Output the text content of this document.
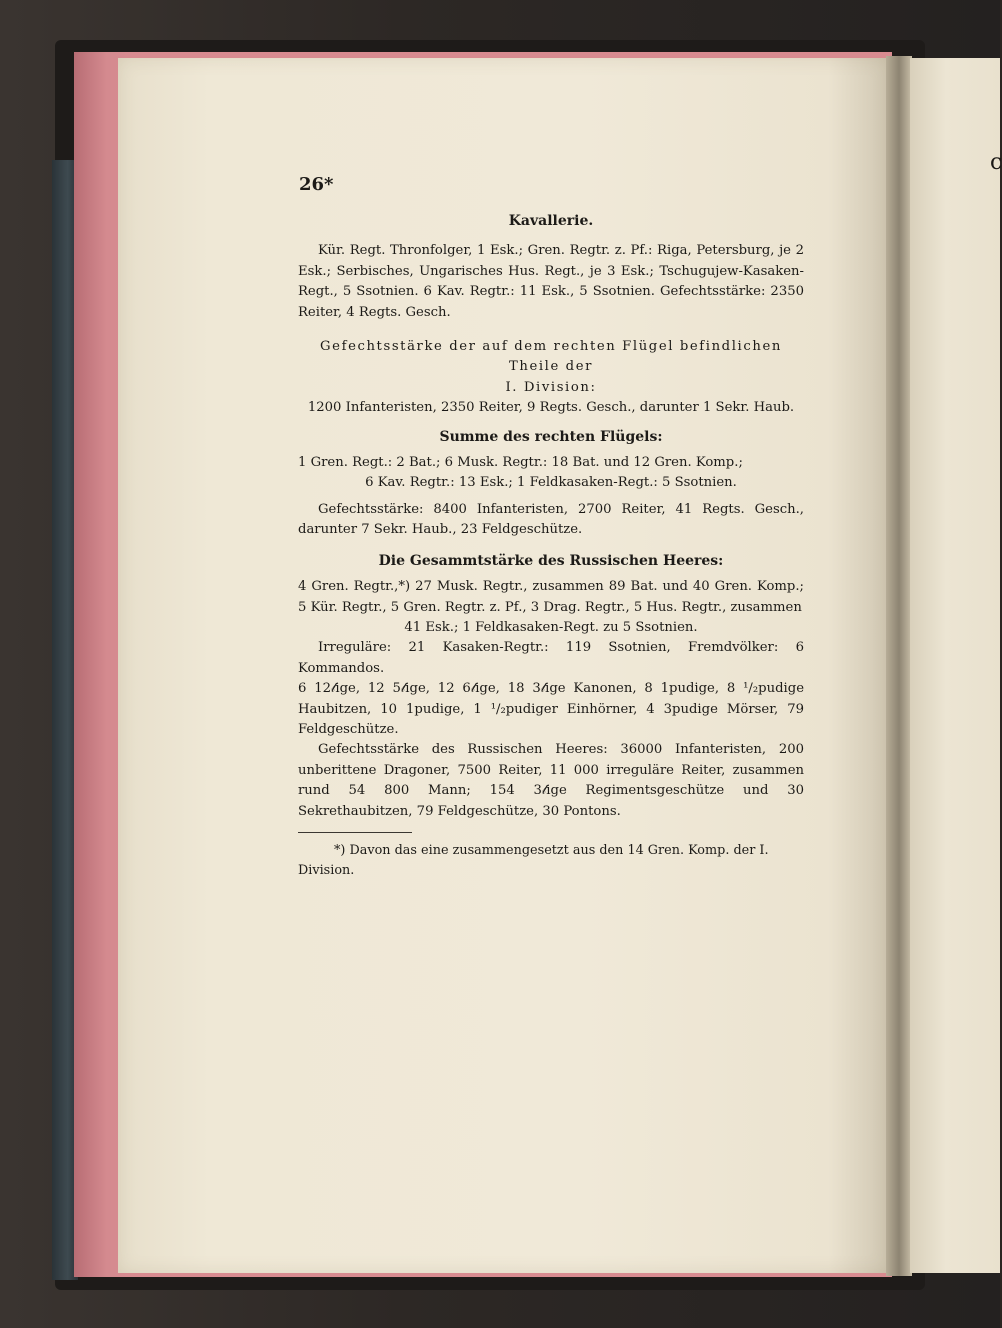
c
26*

Kavallerie.

Kür. Regt. Thronfolger, 1 Esk.; Gren. Regtr. z. Pf.: Riga, Petersburg, je 2 Esk.; Serbisches, Ungarisches Hus. Regt., je 3 Esk.; Tschugujew-Kasaken-Regt., 5 Ssotnien. 6 Kav. Regtr.: 11 Esk., 5 Ssotnien. Gefechtsstärke: 2350 Reiter, 4 Regts. Gesch.

Gefechtsstärke der auf dem rechten Flügel befindlichen Theile der

I. Division:

1200 Infanteristen, 2350 Reiter, 9 Regts. Gesch., darunter 1 Sekr. Haub.

Summe des rechten Flügels:

1 Gren. Regt.: 2 Bat.; 6 Musk. Regtr.: 18 Bat. und 12 Gren. Komp.;

6 Kav. Regtr.: 13 Esk.; 1 Feldkasaken-Regt.: 5 Ssotnien.

Gefechtsstärke: 8400 Infanteristen, 2700 Reiter, 41 Regts. Gesch., darunter 7 Sekr. Haub., 23 Feldgeschütze.

Die Gesammtstärke des Russischen Heeres:

4 Gren. Regtr.,*) 27 Musk. Regtr., zusammen 89 Bat. und 40 Gren. Komp.; 5 Kür. Regtr., 5 Gren. Regtr. z. Pf., 3 Drag. Regtr., 5 Hus. Regtr., zusammen

41 Esk.; 1 Feldkasaken-Regt. zu 5 Ssotnien.

Irreguläre: 21 Kasaken-Regtr.: 119 Ssotnien, Fremdvölker: 6 Kommandos.

6 12𝓁ige, 12 5𝓁ige, 12 6𝓁ige, 18 3𝓁ige Kanonen, 8 1pudige, 8 ¹/₂pudige Haubitzen, 10 1pudige, 1 ¹/₂pudiger Einhörner, 4 3pudige Mörser, 79 Feldgeschütze.

Gefechtsstärke des Russischen Heeres: 36000 Infanteristen, 200 unberittene Dragoner, 7500 Reiter, 11 000 irreguläre Reiter, zusammen rund 54 800 Mann; 154 3𝓁ige Regimentsgeschütze und 30 Sekrethaubitzen, 79 Feldgeschütze, 30 Pontons.

*) Davon das eine zusammengesetzt aus den 14 Gren. Komp. der I. Division.
